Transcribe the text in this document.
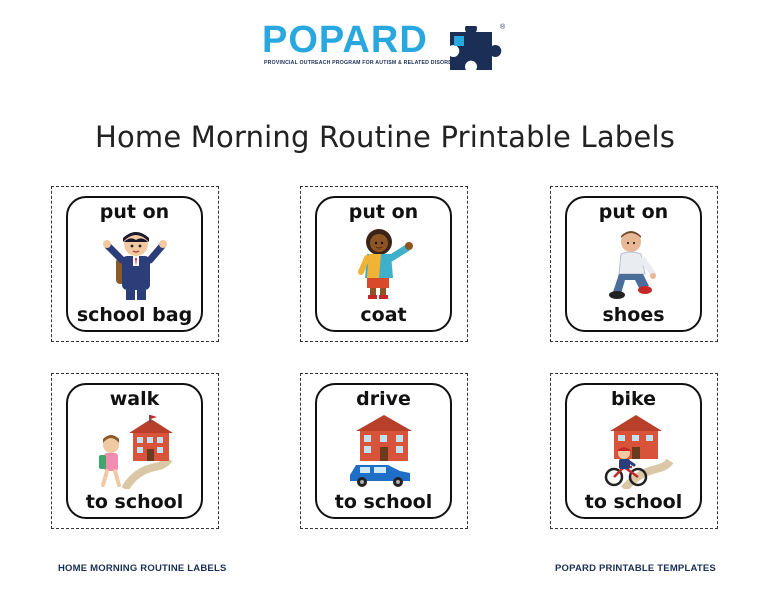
POPARD	®
PROVINCIAL OUTREACH PROGRAM FOR AUTISM & RELATED DISORDERS
Home Morning Routine Printable Labels
put on
school bag
put on
coat
put on
shoes
walk
to school
drive
to school
bike
to school
HOME MORNING ROUTINE LABELS	POPARD PRINTABLE TEMPLATES
